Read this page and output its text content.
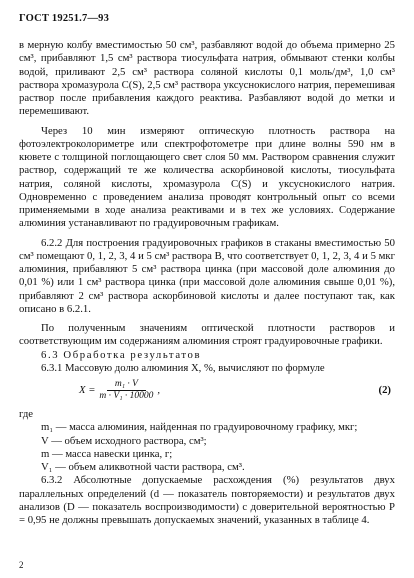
ГОСТ 19251.7—93

в мерную колбу вместимостью 50 см³, разбавляют водой до объема примерно 25 см³, прибавляют 1,5 см³ раствора тиосульфата натрия, обмывают стенки колбы водой, приливают 2,5 см³ раствора соляной кислоты 0,1 моль/дм³, 1,0 см³ раствора хромазурола C(S), 2,5 см³ раствора уксуснокислого натрия, перемешивая раствор после прибавления каждого реактива. Разбавляют водой до метки и перемешивают.

Через 10 мин измеряют оптическую плотность раствора на фотоэлектроколориметре или спектрофотометре при длине волны 590 нм в кювете с толщиной поглощающего свет слоя 50 мм. Раствором сравнения служит раствор, содержащий те же количества аскорбиновой кислоты, тиосульфата натрия, соляной кислоты, хромазурола C(S) и уксуснокислого натрия. Одновременно с проведением анализа проводят контрольный опыт со всеми применяемыми в ходе анализа реактивами и в тех же условиях. Содержание алюминия устанавливают по градуировочным графикам.

6.2.2 Для построения градуировочных графиков в стаканы вместимостью 50 см³ помещают 0, 1, 2, 3, 4 и 5 см³ раствора В, что соответствует 0, 1, 2, 3, 4 и 5 мкг алюминия, прибавляют 5 см³ раствора цинка (при массовой доле алюминия до 0,01 %) или 1 см³ раствора цинка (при массовой доле алюминия свыше 0,01 %), прибавляют 2 см³ раствора аскорбиновой кислоты и далее поступают так, как описано в 6.2.1.

По полученным значениям оптической плотности растворов и соответствующим им содержаниям алюминия строят градуировочные графики.

6.3 Обработка результатов

6.3.1 Массовую долю алюминия X, %, вычисляют по формуле

$X = \frac{\text{m₁ · V}}{\text{m · V₁ · 10000}}$ ,	(2)

где

m₁ — масса алюминия, найденная по градуировочному графику, мкг;

V — объем исходного раствора, см³;

m — масса навески цинка, г;

V₁ — объем аликвотной части раствора, см³.

6.3.2 Абсолютные допускаемые расхождения (%) результатов двух параллельных определений (d — показатель повторяемости) и результатов двух анализов (D — показатель воспроизводимости) с доверительной вероятностью P = 0,95 не должны превышать допускаемых значений, указанных в таблице 4.

2
